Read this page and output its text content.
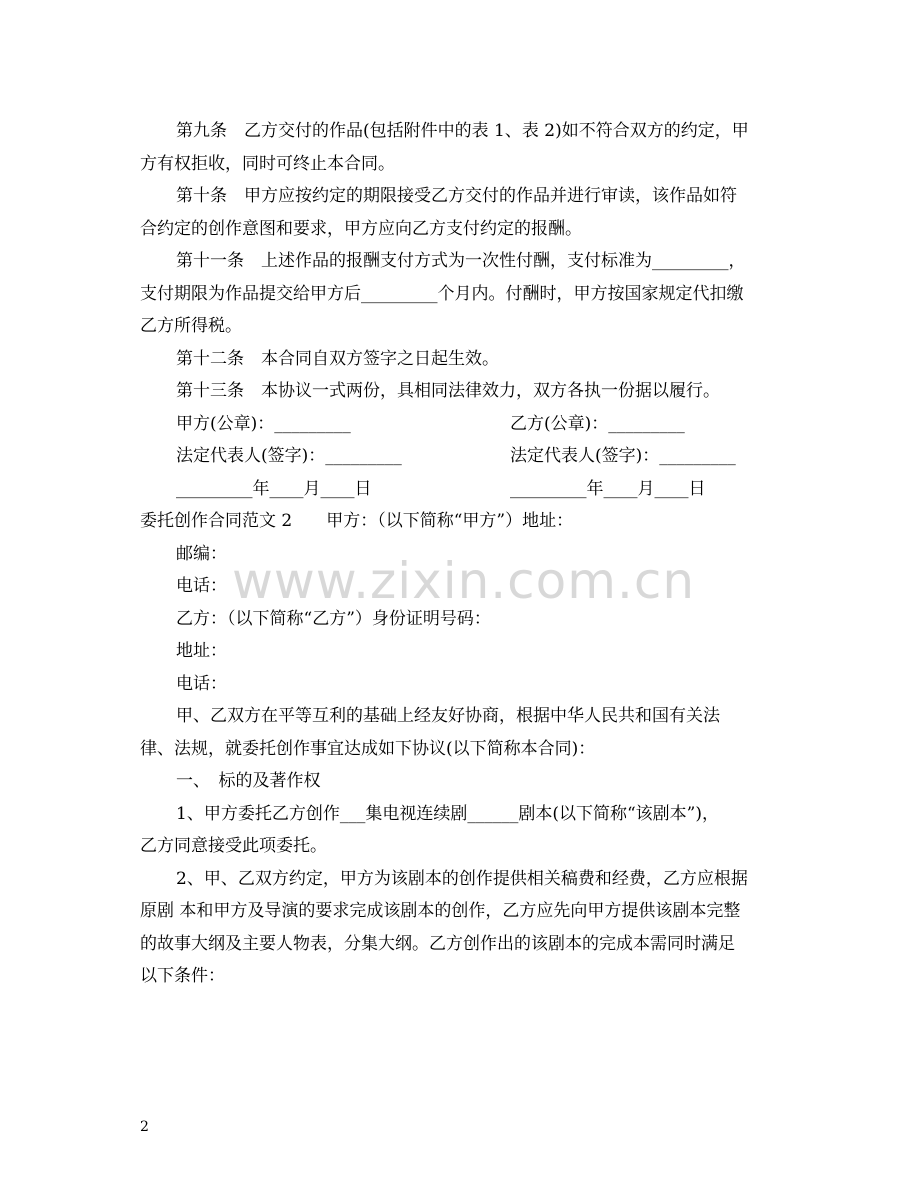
www.zixin.com.cn

第九条　乙方交付的作品(包括附件中的表 1、表 2)如不符合双方的约定，甲

方有权拒收，同时可终止本合同。

第十条　甲方应按约定的期限接受乙方交付的作品并进行审读，该作品如符

合约定的创作意图和要求，甲方应向乙方支付约定的报酬。

第十一条　上述作品的报酬支付方式为一次性付酬，支付标准为_________，

支付期限为作品提交给甲方后_________个月内。付酬时，甲方按国家规定代扣缴

乙方所得税。

第十二条　本合同自双方签字之日起生效。

第十三条　本协议一式两份，具相同法律效力，双方各执一份据以履行。

甲方(公章)：_________	乙方(公章)：_________
法定代表人(签字)：_________	法定代表人(签字)：_________
_________年____月____日	_________年____月____日

委托创作合同范文 2　　甲方：（以下简称“甲方”）地址：

邮编：

电话：

乙方：（以下简称“乙方”）身份证明号码：

地址：

电话：

甲、乙双方在平等互利的基础上经友好协商，根据中华人民共和国有关法

律、法规，就委托创作事宜达成如下协议(以下简称本合同)：

一、　标的及著作权

1、甲方委托乙方创作___集电视连续剧______剧本(以下简称“该剧本”)，

乙方同意接受此项委托。

2、甲、乙双方约定，甲方为该剧本的创作提供相关稿费和经费，乙方应根据

原剧 本和甲方及导演的要求完成该剧本的创作，乙方应先向甲方提供该剧本完整

的故事大纲及主要人物表，分集大纲。乙方创作出的该剧本的完成本需同时满足

以下条件：

2
